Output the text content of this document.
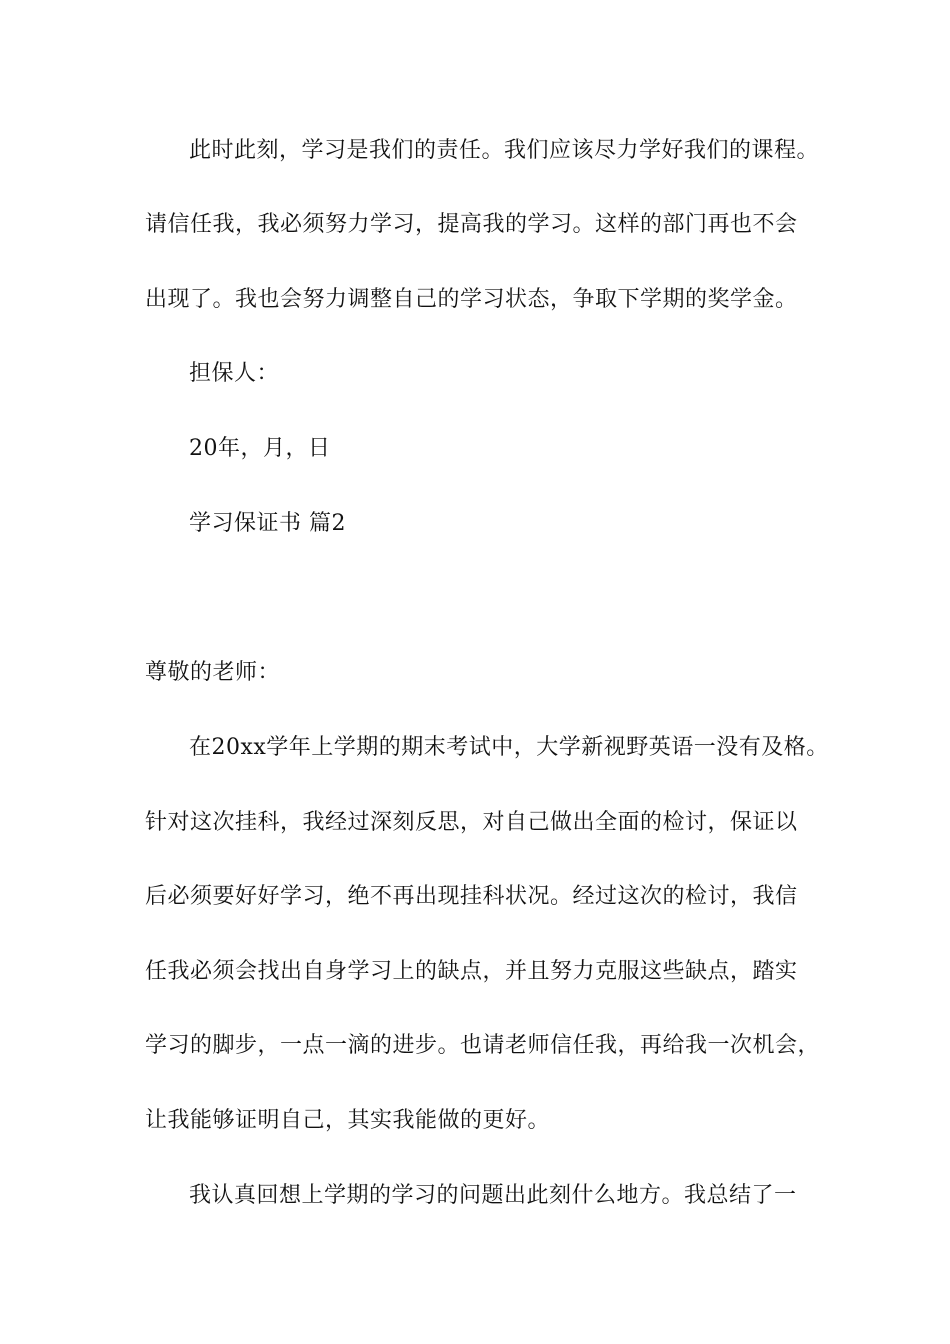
此时此刻，学习是我们的责任。我们应该尽力学好我们的课程。
请信任我，我必须努力学习，提高我的学习。这样的部门再也不会
出现了。我也会努力调整自己的学习状态，争取下学期的奖学金。
担保人：
20年，月，日
学习保证书 篇2
尊敬的老师：
在20xx学年上学期的期末考试中，大学新视野英语一没有及格。
针对这次挂科，我经过深刻反思，对自己做出全面的检讨，保证以
后必须要好好学习，绝不再出现挂科状况。经过这次的检讨，我信
任我必须会找出自身学习上的缺点，并且努力克服这些缺点，踏实
学习的脚步，一点一滴的进步。也请老师信任我，再给我一次机会，
让我能够证明自己，其实我能做的更好。
我认真回想上学期的学习的问题出此刻什么地方。我总结了一
